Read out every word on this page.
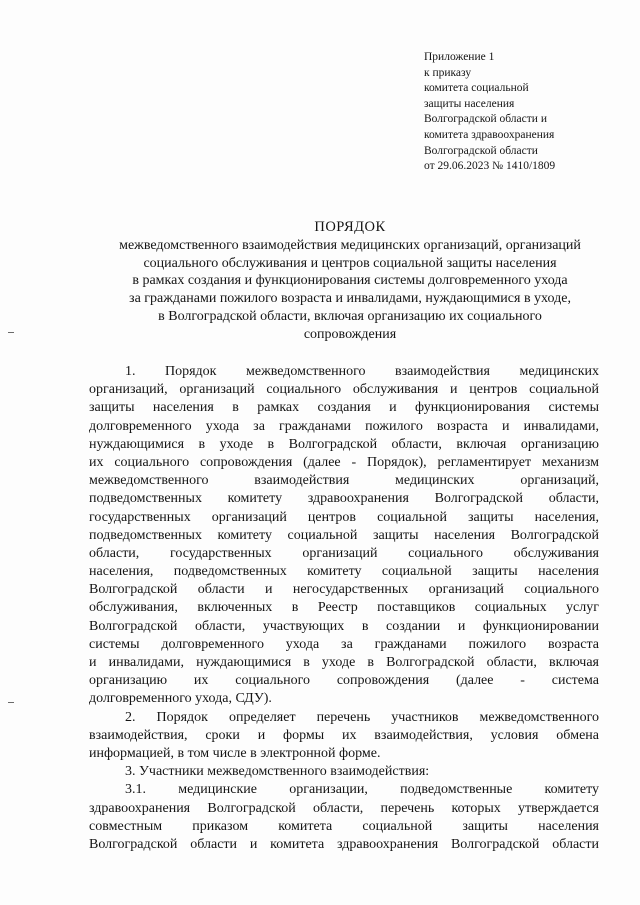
Приложение 1
к приказу
комитета социальной
защиты населения
Волгоградской области и
комитета здравоохранения
Волгоградской области
от 29.06.2023 № 1410/1809
ПОРЯДОК
межведомственного взаимодействия медицинских организаций, организаций
социального обслуживания и центров социальной защиты населения
в рамках создания и функционирования системы долговременного ухода
за гражданами пожилого возраста и инвалидами, нуждающимися в уходе,
в Волгоградской области, включая организацию их социального
сопровождения
1. Порядок межведомственного взаимодействия медицинских
организаций, организаций социального обслуживания и центров социальной
защиты населения в рамках создания и функционирования системы
долговременного ухода за гражданами пожилого возраста и инвалидами,
нуждающимися в уходе в Волгоградской области, включая организацию
их социального сопровождения (далее - Порядок), регламентирует механизм
межведомственного взаимодействия медицинских организаций,
подведомственных комитету здравоохранения Волгоградской области,
государственных организаций центров социальной защиты населения,
подведомственных комитету социальной защиты населения Волгоградской
области, государственных организаций социального обслуживания
населения, подведомственных комитету социальной защиты населения
Волгоградской области и негосударственных организаций социального
обслуживания, включенных в Реестр поставщиков социальных услуг
Волгоградской области, участвующих в создании и функционировании
системы долговременного ухода за гражданами пожилого возраста
и инвалидами, нуждающимися в уходе в Волгоградской области, включая
организацию их социального сопровождения (далее - система
долговременного ухода, СДУ).
2. Порядок определяет перечень участников межведомственного
взаимодействия, сроки и формы их взаимодействия, условия обмена
информацией, в том числе в электронной форме.
3. Участники межведомственного взаимодействия:
3.1. медицинские организации, подведомственные комитету
здравоохранения Волгоградской области, перечень которых утверждается
совместным приказом комитета социальной защиты населения
Волгоградской области и комитета здравоохранения Волгоградской области
